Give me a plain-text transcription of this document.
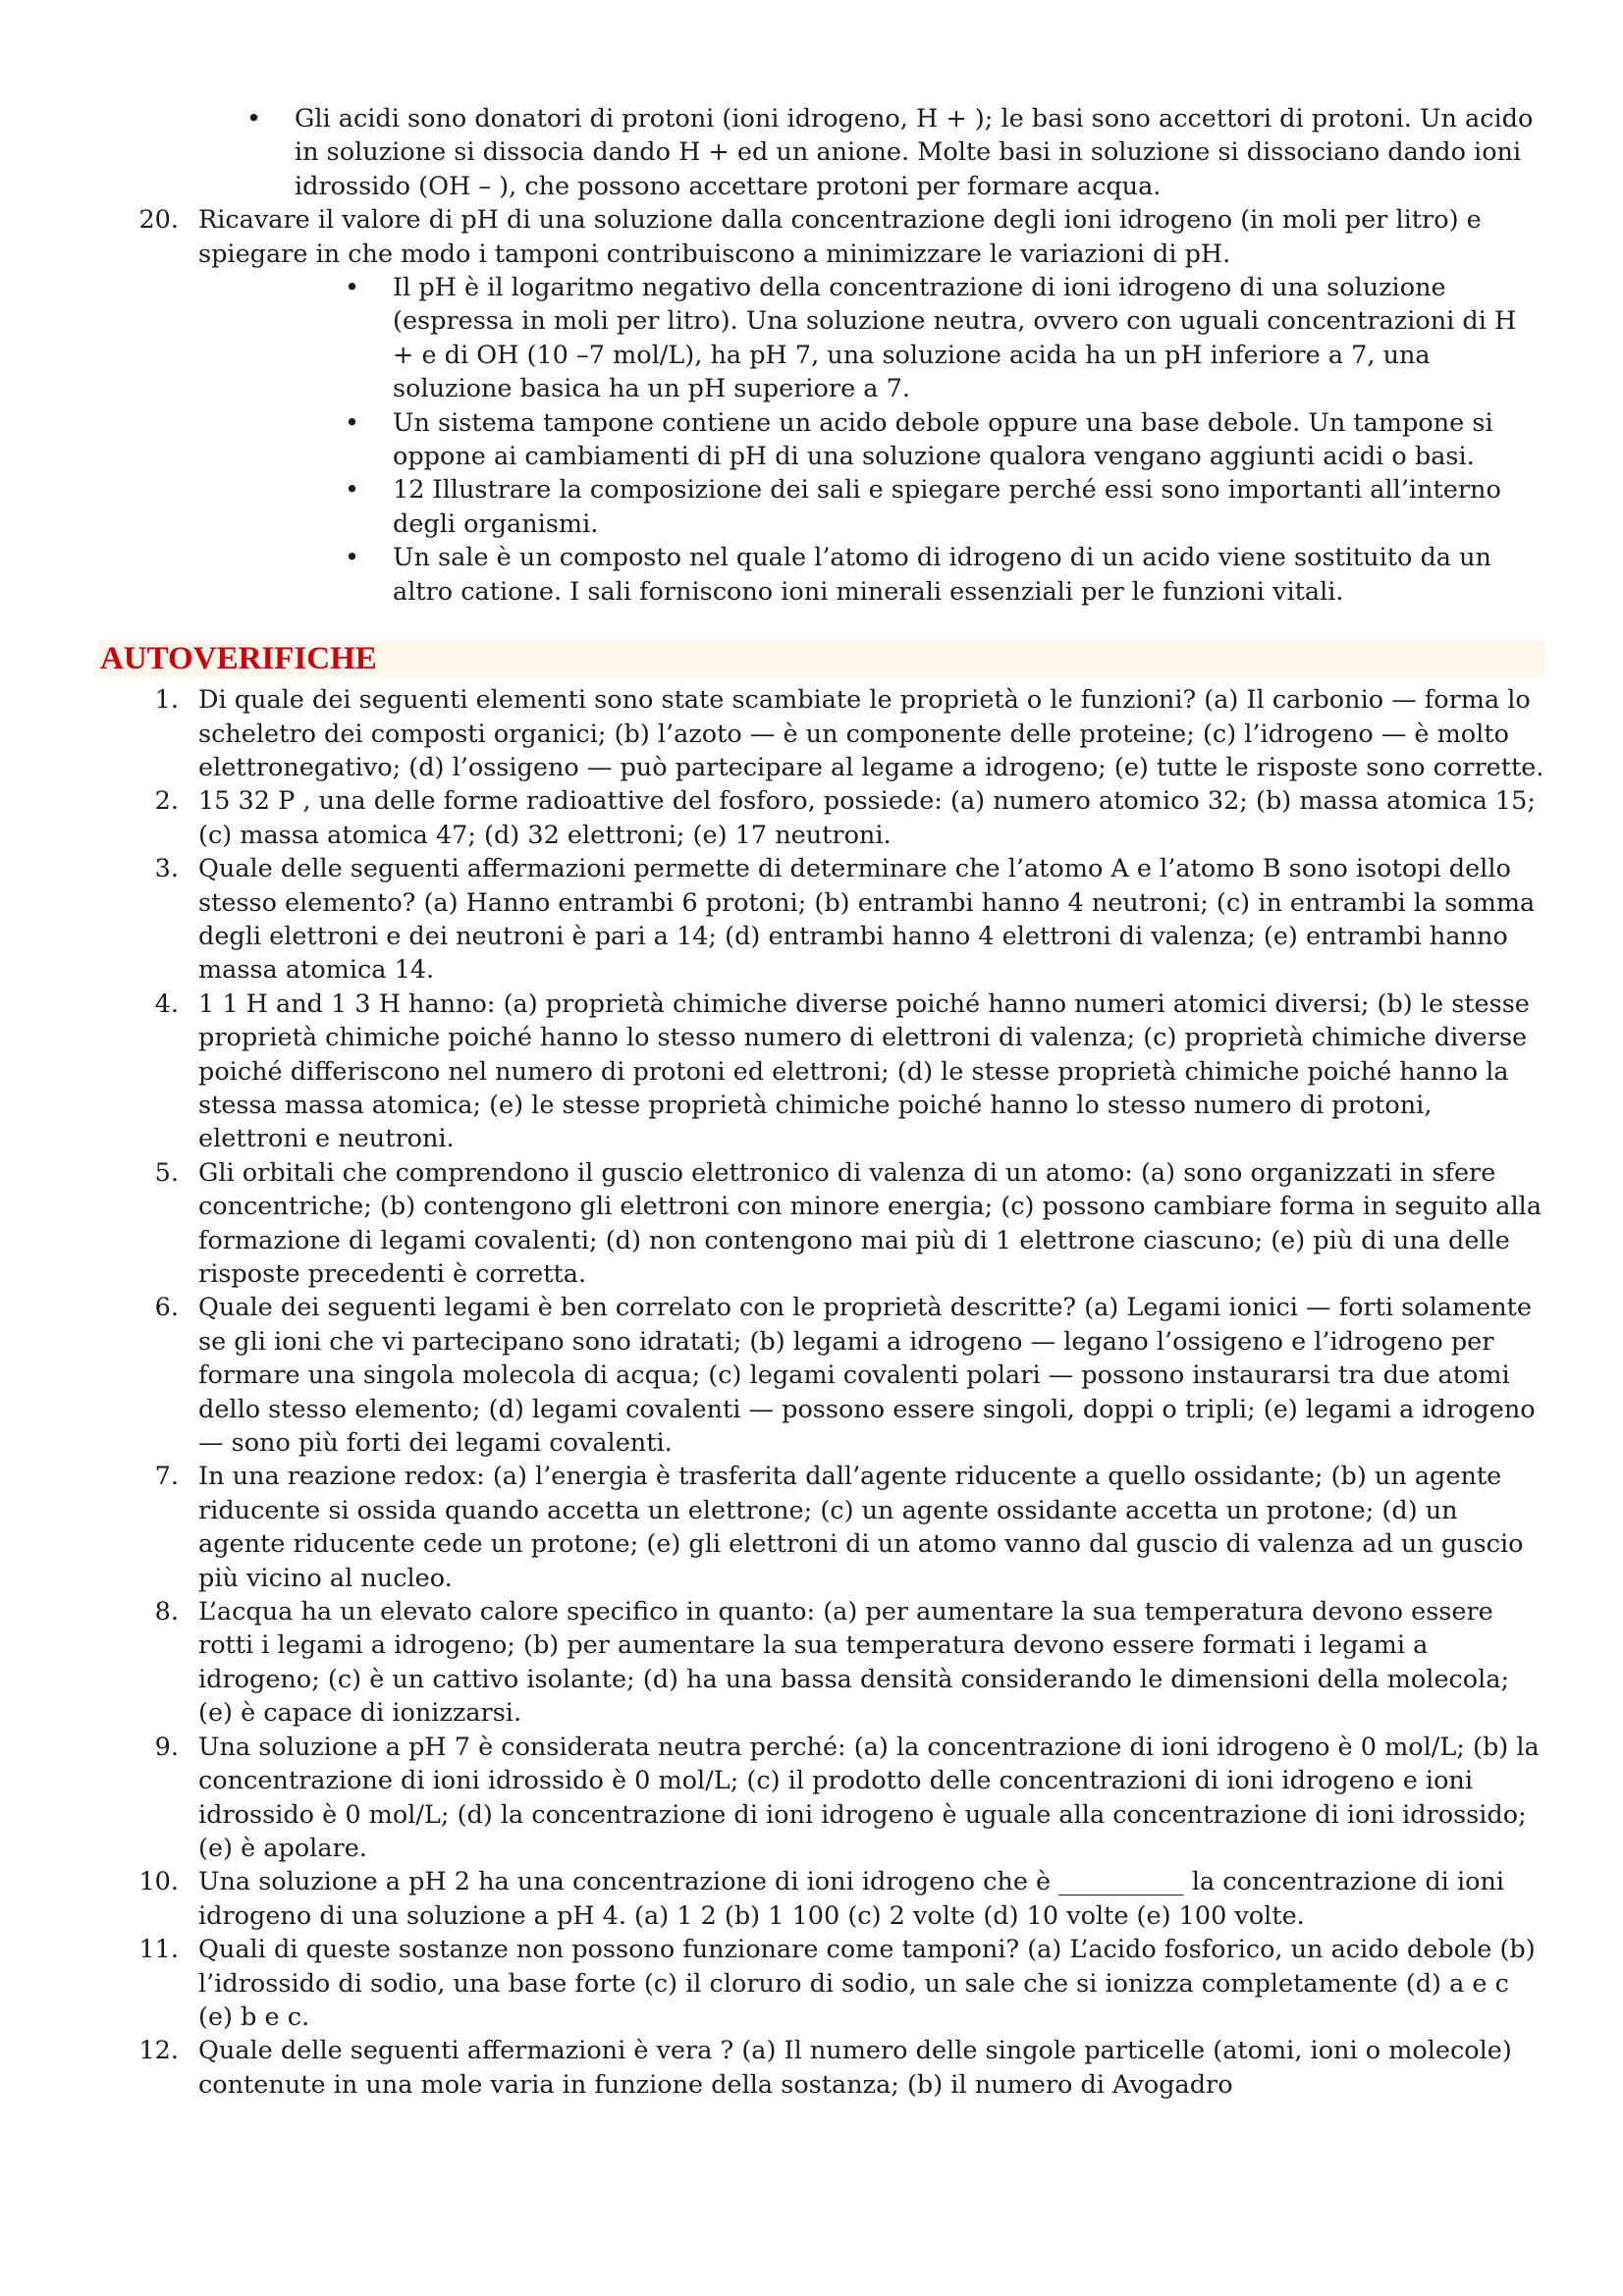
• Gli acidi sono donatori di protoni (ioni idrogeno, H + ); le basi sono accettori di protoni. Un acido in soluzione si dissocia dando H + ed un anione. Molte basi in soluzione si dissociano dando ioni idrossido (OH – ), che possono accettare protoni per formare acqua.
20. Ricavare il valore di pH di una soluzione dalla concentrazione degli ioni idrogeno (in moli per litro) e spiegare in che modo i tamponi contribuiscono a minimizzare le variazioni di pH.
• Il pH è il logaritmo negativo della concentrazione di ioni idrogeno di una soluzione (espressa in moli per litro). Una soluzione neutra, ovvero con uguali concentrazioni di H + e di OH (10 –7 mol/L), ha pH 7, una soluzione acida ha un pH inferiore a 7, una soluzione basica ha un pH superiore a 7.
• Un sistema tampone contiene un acido debole oppure una base debole. Un tampone si oppone ai cambiamenti di pH di una soluzione qualora vengano aggiunti acidi o basi.
• 12 Illustrare la composizione dei sali e spiegare perché essi sono importanti all’interno degli organismi.
• Un sale è un composto nel quale l’atomo di idrogeno di un acido viene sostituito da un altro catione. I sali forniscono ioni minerali essenziali per le funzioni vitali.
AUTOVERIFICHE
1. Di quale dei seguenti elementi sono state scambiate le proprietà o le funzioni? (a) Il carbonio — forma lo scheletro dei composti organici; (b) l’azoto — è un componente delle proteine; (c) l’idrogeno — è molto elettronegativo; (d) l’ossigeno — può partecipare al legame a idrogeno; (e) tutte le risposte sono corrette.
2. 15 32 P , una delle forme radioattive del fosforo, possiede: (a) numero atomico 32; (b) massa atomica 15; (c) massa atomica 47; (d) 32 elettroni; (e) 17 neutroni.
3. Quale delle seguenti affermazioni permette di determinare che l’atomo A e l’atomo B sono isotopi dello stesso elemento? (a) Hanno entrambi 6 protoni; (b) entrambi hanno 4 neutroni; (c) in entrambi la somma degli elettroni e dei neutroni è pari a 14; (d) entrambi hanno 4 elettroni di valenza; (e) entrambi hanno massa atomica 14.
4. 1 1 H and 1 3 H hanno: (a) proprietà chimiche diverse poiché hanno numeri atomici diversi; (b) le stesse proprietà chimiche poiché hanno lo stesso numero di elettroni di valenza; (c) proprietà chimiche diverse poiché differiscono nel numero di protoni ed elettroni; (d) le stesse proprietà chimiche poiché hanno la stessa massa atomica; (e) le stesse proprietà chimiche poiché hanno lo stesso numero di protoni, elettroni e neutroni.
5. Gli orbitali che comprendono il guscio elettronico di valenza di un atomo: (a) sono organizzati in sfere concentriche; (b) contengono gli elettroni con minore energia; (c) possono cambiare forma in seguito alla formazione di legami covalenti; (d) non contengono mai più di 1 elettrone ciascuno; (e) più di una delle risposte precedenti è corretta.
6. Quale dei seguenti legami è ben correlato con le proprietà descritte? (a) Legami ionici — forti solamente se gli ioni che vi partecipano sono idratati; (b) legami a idrogeno — legano l’ossigeno e l’idrogeno per formare una singola molecola di acqua; (c) legami covalenti polari — possono instaurarsi tra due atomi dello stesso elemento; (d) legami covalenti — possono essere singoli, doppi o tripli; (e) legami a idrogeno — sono più forti dei legami covalenti.
7. In una reazione redox: (a) l’energia è trasferita dall’agente riducente a quello ossidante; (b) un agente riducente si ossida quando accetta un elettrone; (c) un agente ossidante accetta un protone; (d) un agente riducente cede un protone; (e) gli elettroni di un atomo vanno dal guscio di valenza ad un guscio più vicino al nucleo.
8. L’acqua ha un elevato calore specifico in quanto: (a) per aumentare la sua temperatura devono essere rotti i legami a idrogeno; (b) per aumentare la sua temperatura devono essere formati i legami a idrogeno; (c) è un cattivo isolante; (d) ha una bassa densità considerando le dimensioni della molecola; (e) è capace di ionizzarsi.
9. Una soluzione a pH 7 è considerata neutra perché: (a) la concentrazione di ioni idrogeno è 0 mol/L; (b) la concentrazione di ioni idrossido è 0 mol/L; (c) il prodotto delle concentrazioni di ioni idrogeno e ioni idrossido è 0 mol/L; (d) la concentrazione di ioni idrogeno è uguale alla concentrazione di ioni idrossido; (e) è apolare.
10. Una soluzione a pH 2 ha una concentrazione di ioni idrogeno che è __________ la concentrazione di ioni idrogeno di una soluzione a pH 4. (a) 1 2 (b) 1 100 (c) 2 volte (d) 10 volte (e) 100 volte.
11. Quali di queste sostanze non possono funzionare come tamponi? (a) L’acido fosforico, un acido debole (b) l’idrossido di sodio, una base forte (c) il cloruro di sodio, un sale che si ionizza completamente (d) a e c (e) b e c.
12. Quale delle seguenti affermazioni è vera ? (a) Il numero delle singole particelle (atomi, ioni o molecole) contenute in una mole varia in funzione della sostanza; (b) il numero di Avogadro
